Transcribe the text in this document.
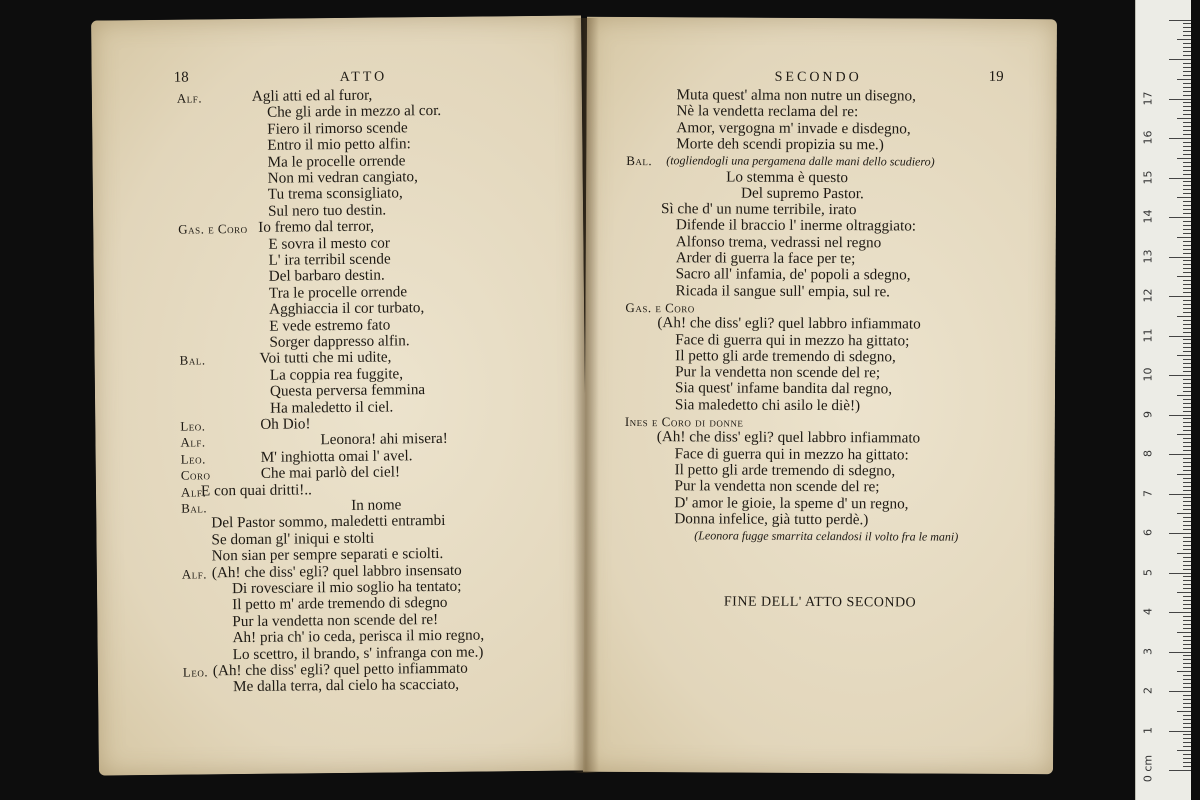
18	ATTO
Alf.	Agli atti ed al furor,
Che gli arde in mezzo al cor.
Fiero il rimorso scende
Entro il mio petto alfin:
Ma le procelle orrende
Non mi vedran cangiato,
Tu trema sconsigliato,
Sul nero tuo destin.
Gas. e Coro Io fremo dal terror,
E sovra il mesto cor
L' ira terribil scende
Del barbaro destin.
Tra le procelle orrende
Agghiaccia il cor turbato,
E vede estremo fato
Sorger dappresso alfin.
Bal.	Voi tutti che mi udite,
La coppia rea fuggite,
Questa perversa femmina
Ha maledetto il ciel.
Leo.	Oh Dio!
Alf.	Leonora! ahi misera!
Leo.	M' inghiotta omai l' avel.
Coro	Che mai parlò del ciel!
Alf.
E con quai dritti!..
Bal.	In nome
Del Pastor sommo, maledetti entrambi
Se doman gl' iniqui e stolti
Non sian per sempre separati e sciolti.
Alf. (Ah! che diss' egli? quel labbro insensato
Di rovesciare il mio soglio ha tentato;
Il petto m' arde tremendo di sdegno
Pur la vendetta non scende del re!
Ah! pria ch' io ceda, perisca il mio regno,
Lo scettro, il brando, s' infranga con me.)
Leo. (Ah! che diss' egli? quel petto infiammato
Me dalla terra, dal cielo ha scacciato,
SECONDO	19
Muta quest' alma non nutre un disegno,
Nè la vendetta reclama del re:
Amor, vergogna m' invade e disdegno,
Morte deh scendi propizia su me.)
Bal. (togliendogli una pergamena dalle mani dello scudiero)
Lo stemma è questo
Del supremo Pastor.
Sì che d' un nume terribile, irato
Difende il braccio l' inerme oltraggiato:
Alfonso trema, vedrassi nel regno
Arder di guerra la face per te;
Sacro all' infamia, de' popoli a sdegno,
Ricada il sangue sull' empia, sul re.
Gas. e Coro
(Ah! che diss' egli? quel labbro infiammato
Face di guerra qui in mezzo ha gittato;
Il petto gli arde tremendo di sdegno,
Pur la vendetta non scende del re;
Sia quest' infame bandita dal regno,
Sia maledetto chi asilo le diè!)
Ines e Coro di donne
(Ah! che diss' egli? quel labbro infiammato
Face di guerra qui in mezzo ha gittato:
Il petto gli arde tremendo di sdegno,
Pur la vendetta non scende del re;
D' amor le gioie, la speme d' un regno,
Donna infelice, già tutto perdè.)
(Leonora fugge smarrita celandosi il volto fra le mani)
FINE DELL' ATTO SECONDO
17
16
15
14
13
12
11
10
9
8
7
6
5
4
3
2
1
0 cm
